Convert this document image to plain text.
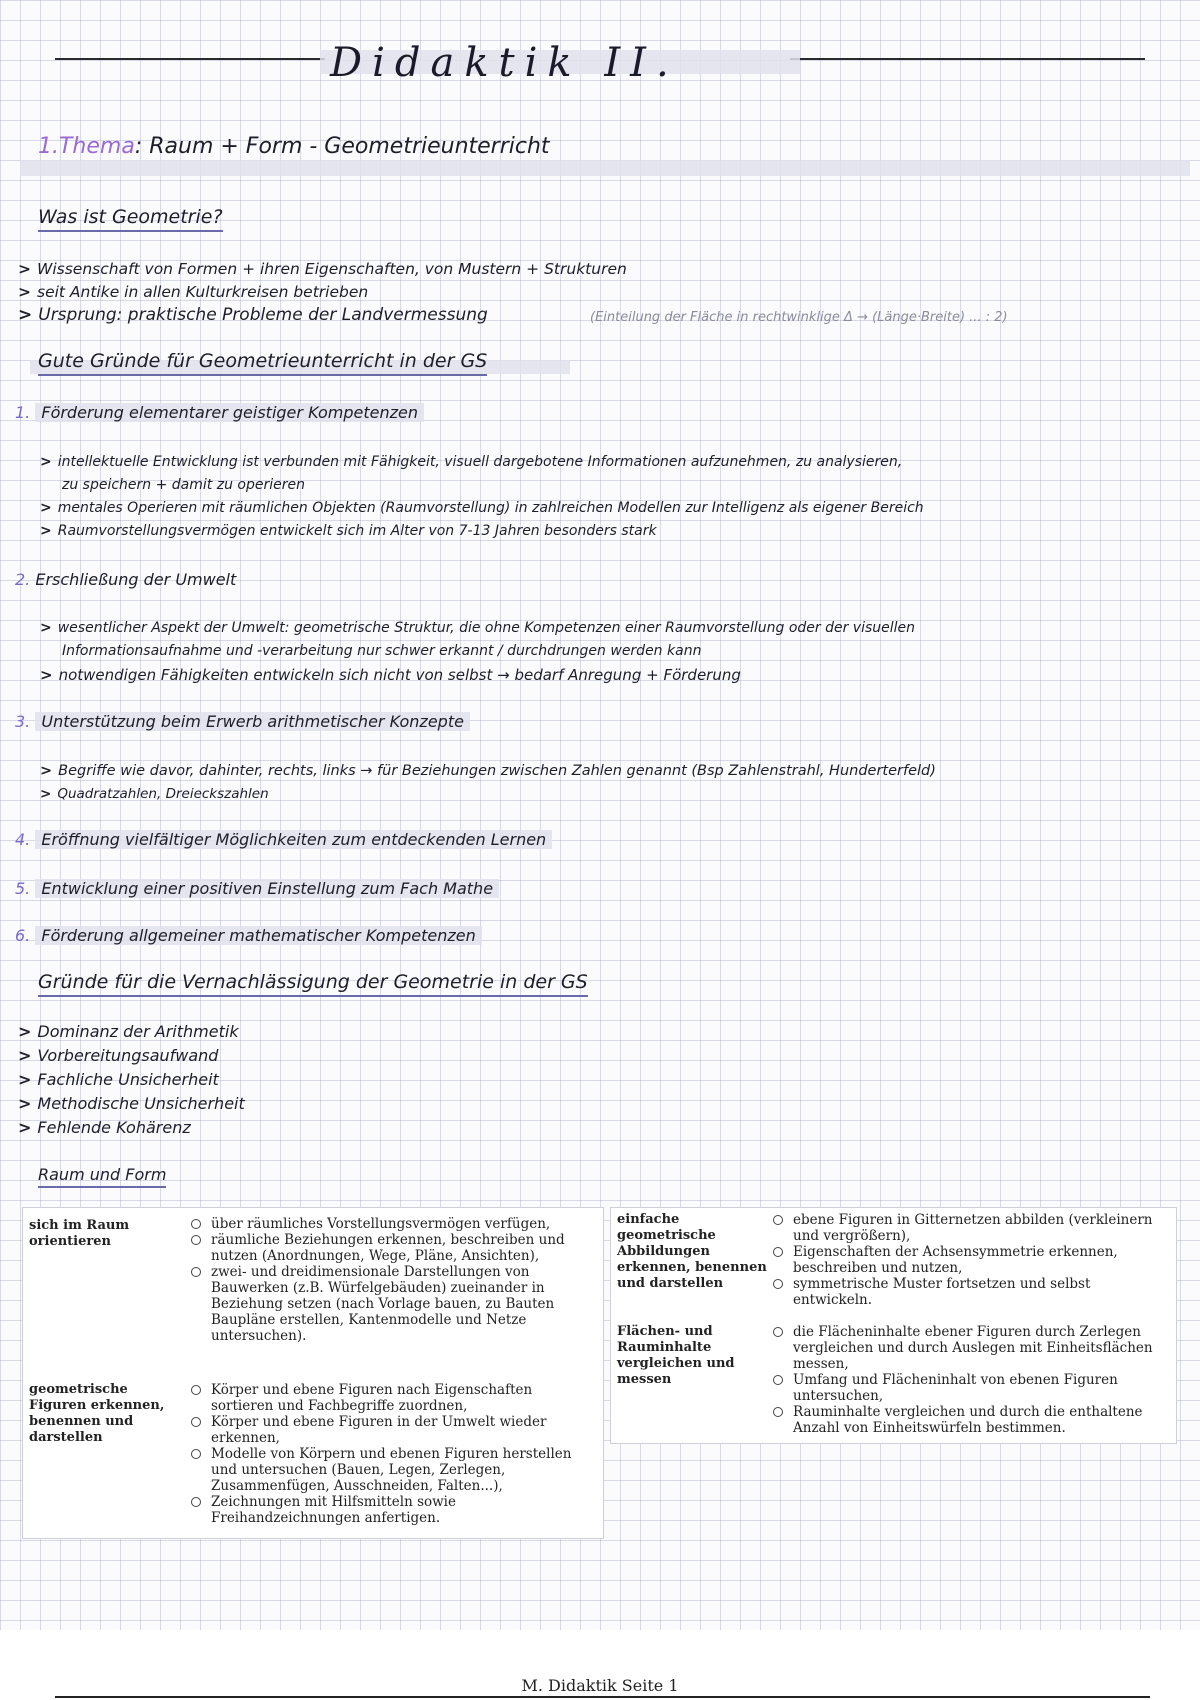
Didaktik II.
1.Thema: Raum + Form - Geometrieunterricht
Was ist Geometrie?
> Wissenschaft von Formen + ihren Eigenschaften, von Mustern + Strukturen
> seit Antike in allen Kulturkreisen betrieben
> Ursprung: praktische Probleme der Landvermessung	(Einteilung der Fläche in rechtwinklige Δ → (Länge·Breite) ... : 2)
Gute Gründe für Geometrieunterricht in der GS
1. Förderung elementarer geistiger Kompetenzen
> intellektuelle Entwicklung ist verbunden mit Fähigkeit, visuell dargebotene Informationen aufzunehmen, zu analysieren,
zu speichern + damit zu operieren
> mentales Operieren mit räumlichen Objekten (Raumvorstellung) in zahlreichen Modellen zur Intelligenz als eigener Bereich
> Raumvorstellungsvermögen entwickelt sich im Alter von 7-13 Jahren besonders stark
2. Erschließung der Umwelt
> wesentlicher Aspekt der Umwelt: geometrische Struktur, die ohne Kompetenzen einer Raumvorstellung oder der visuellen
Informationsaufnahme und -verarbeitung nur schwer erkannt / durchdrungen werden kann
> notwendigen Fähigkeiten entwickeln sich nicht von selbst → bedarf Anregung + Förderung
3. Unterstützung beim Erwerb arithmetischer Konzepte
> Begriffe wie davor, dahinter, rechts, links → für Beziehungen zwischen Zahlen genannt (Bsp Zahlenstrahl, Hunderterfeld)
> Quadratzahlen, Dreieckszahlen
4. Eröffnung vielfältiger Möglichkeiten zum entdeckenden Lernen
5. Entwicklung einer positiven Einstellung zum Fach Mathe
6. Förderung allgemeiner mathematischer Kompetenzen
Gründe für die Vernachlässigung der Geometrie in der GS
> Dominanz der Arithmetik
> Vorbereitungsaufwand
> Fachliche Unsicherheit
> Methodische Unsicherheit
> Fehlende Kohärenz
Raum und Form
sich im Raum orientieren
über räumliches Vorstellungsvermögen verfügen,
räumliche Beziehungen erkennen, beschreiben und nutzen (Anordnungen, Wege, Pläne, Ansichten),
zwei- und dreidimensionale Darstellungen von Bauwerken (z.B. Würfelgebäuden) zueinander in Beziehung setzen (nach Vorlage bauen, zu Bauten Baupläne erstellen, Kantenmodelle und Netze untersuchen).
geometrische Figuren erkennen, benennen und darstellen
Körper und ebene Figuren nach Eigenschaften sortieren und Fachbegriffe zuordnen,
Körper und ebene Figuren in der Umwelt wieder erkennen,
Modelle von Körpern und ebenen Figuren herstellen und untersuchen (Bauen, Legen, Zerlegen, Zusammenfügen, Ausschneiden, Falten...),
Zeichnungen mit Hilfsmitteln sowie Freihandzeichnungen anfertigen.
einfache geometrische Abbildungen erkennen, benennen und darstellen
ebene Figuren in Gitternetzen abbilden (verkleinern und vergrößern),
Eigenschaften der Achsensymmetrie erkennen, beschreiben und nutzen,
symmetrische Muster fortsetzen und selbst entwickeln.
Flächen- und Rauminhalte vergleichen und messen
die Flächeninhalte ebener Figuren durch Zerlegen vergleichen und durch Auslegen mit Einheitsflächen messen,
Umfang und Flächeninhalt von ebenen Figuren untersuchen,
Rauminhalte vergleichen und durch die enthaltene Anzahl von Einheitswürfeln bestimmen.
M. Didaktik Seite 1
